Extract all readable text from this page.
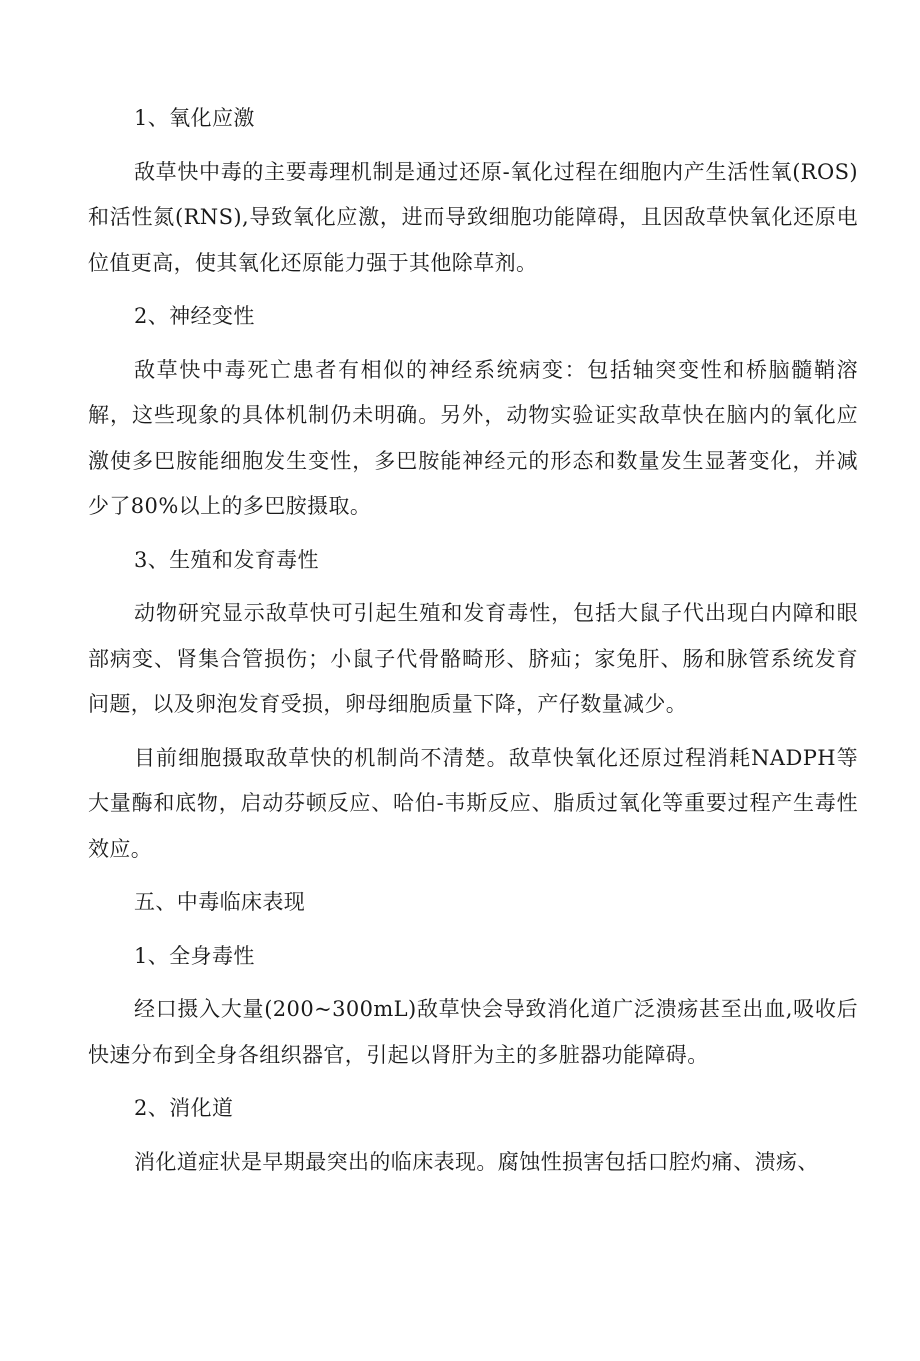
1、氧化应激

敌草快中毒的主要毒理机制是通过还原-氧化过程在细胞内产生活性氧(ROS)和活性氮(RNS),导致氧化应激，进而导致细胞功能障碍，且因敌草快氧化还原电位值更高，使其氧化还原能力强于其他除草剂。

2、神经变性

敌草快中毒死亡患者有相似的神经系统病变：包括轴突变性和桥脑髓鞘溶解，这些现象的具体机制仍未明确。另外，动物实验证实敌草快在脑内的氧化应激使多巴胺能细胞发生变性，多巴胺能神经元的形态和数量发生显著变化，并减少了80%以上的多巴胺摄取。

3、生殖和发育毒性

动物研究显示敌草快可引起生殖和发育毒性，包括大鼠子代出现白内障和眼部病变、肾集合管损伤；小鼠子代骨骼畸形、脐疝；家兔肝、肠和脉管系统发育问题，以及卵泡发育受损，卵母细胞质量下降，产仔数量减少。

目前细胞摄取敌草快的机制尚不清楚。敌草快氧化还原过程消耗NADPH等大量酶和底物，启动芬顿反应、哈伯-韦斯反应、脂质过氧化等重要过程产生毒性效应。

五、中毒临床表现

1、全身毒性

经口摄入大量(200~300mL)敌草快会导致消化道广泛溃疡甚至出血,吸收后快速分布到全身各组织器官，引起以肾肝为主的多脏器功能障碍。

2、消化道

消化道症状是早期最突出的临床表现。腐蚀性损害包括口腔灼痛、溃疡、
